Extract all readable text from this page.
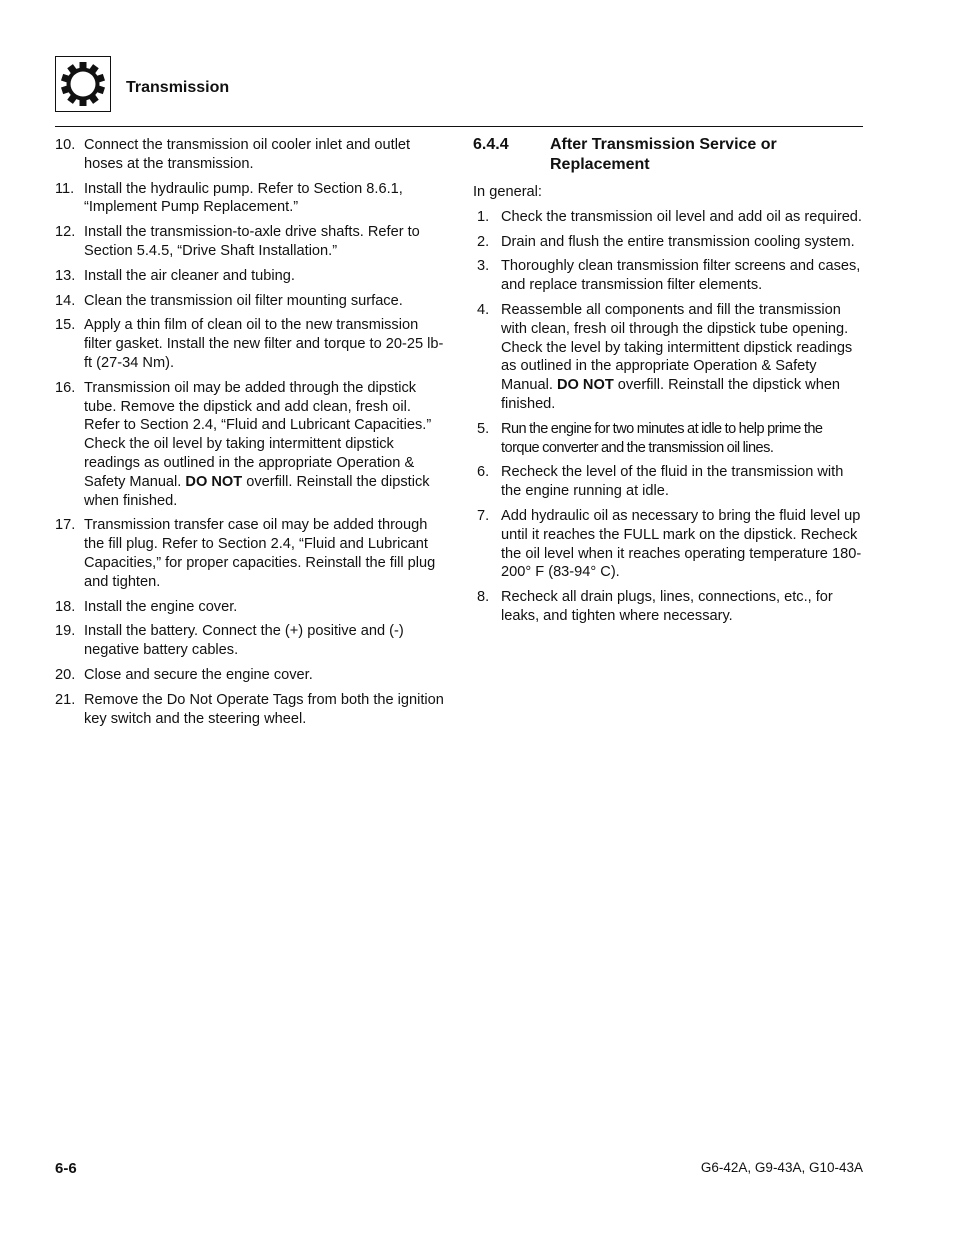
Transmission
10. Connect the transmission oil cooler inlet and outlet hoses at the transmission.
11. Install the hydraulic pump. Refer to Section 8.6.1, “Implement Pump Replacement.”
12. Install the transmission-to-axle drive shafts. Refer to Section 5.4.5, “Drive Shaft Installation.”
13. Install the air cleaner and tubing.
14. Clean the transmission oil filter mounting surface.
15. Apply a thin film of clean oil to the new transmission filter gasket. Install the new filter and torque to 20-25 lb-ft (27-34 Nm).
16. Transmission oil may be added through the dipstick tube. Remove the dipstick and add clean, fresh oil. Refer to Section 2.4, “Fluid and Lubricant Capacities.” Check the oil level by taking intermittent dipstick readings as outlined in the appropriate Operation & Safety Manual. DO NOT overfill. Reinstall the dipstick when finished.
17. Transmission transfer case oil may be added through the fill plug. Refer to Section 2.4, “Fluid and Lubricant Capacities,” for proper capacities. Reinstall the fill plug and tighten.
18. Install the engine cover.
19. Install the battery. Connect the (+) positive and (-) negative battery cables.
20. Close and secure the engine cover.
21. Remove the Do Not Operate Tags from both the ignition key switch and the steering wheel.
6.4.4	After Transmission Service or Replacement
In general:
1. Check the transmission oil level and add oil as required.
2. Drain and flush the entire transmission cooling system.
3. Thoroughly clean transmission filter screens and cases, and replace transmission filter elements.
4. Reassemble all components and fill the transmission with clean, fresh oil through the dipstick tube opening. Check the level by taking intermittent dipstick readings as outlined in the appropriate Operation & Safety Manual. DO NOT overfill. Reinstall the dipstick when finished.
5. Run the engine for two minutes at idle to help prime the torque converter and the transmission oil lines.
6. Recheck the level of the fluid in the transmission with the engine running at idle.
7. Add hydraulic oil as necessary to bring the fluid level up until it reaches the FULL mark on the dipstick. Recheck the oil level when it reaches operating temperature 180-200° F (83-94° C).
8. Recheck all drain plugs, lines, connections, etc., for leaks, and tighten where necessary.
6-6	G6-42A, G9-43A, G10-43A
